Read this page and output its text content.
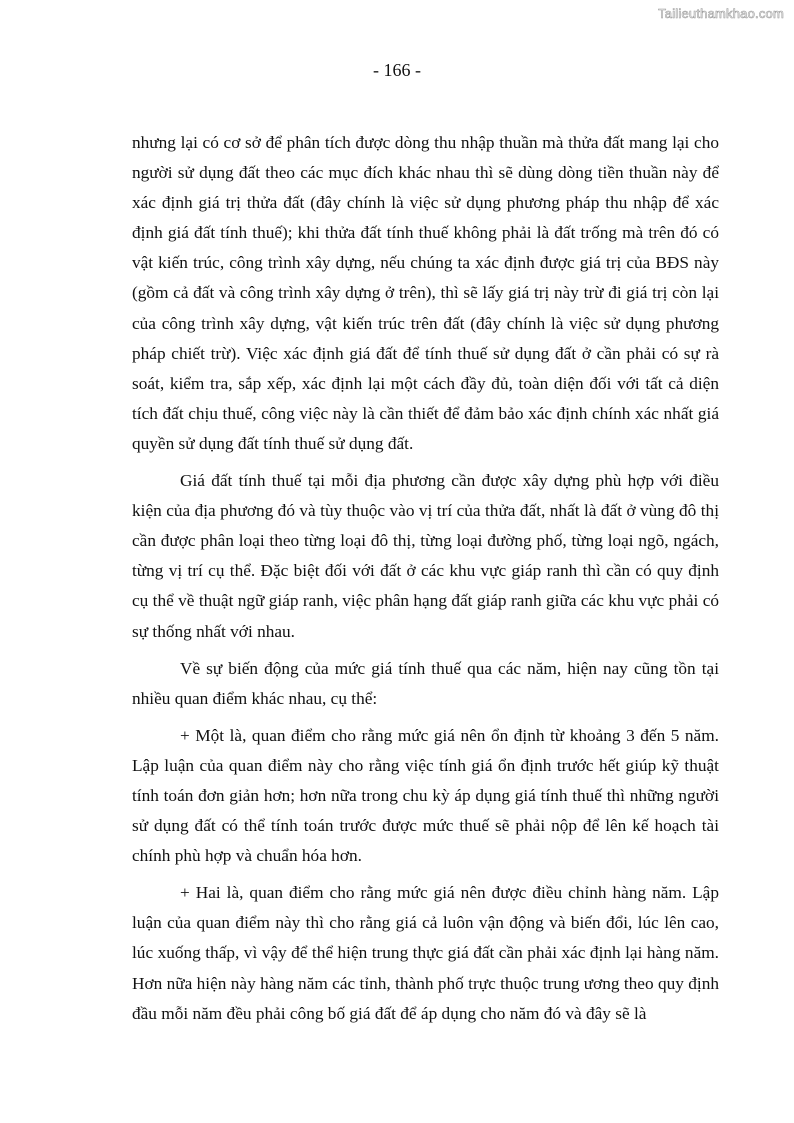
Tailieuthamkhao.com
- 166 -

nhưng lại có cơ sở để phân tích được dòng thu nhập thuần mà thửa đất mang lại cho người sử dụng đất theo các mục đích khác nhau thì sẽ dùng dòng tiền thuần này để xác định giá trị thửa đất (đây chính là việc sử dụng phương pháp thu nhập để xác định giá đất tính thuế); khi thửa đất tính thuế không phải là đất trống mà trên đó có vật kiến trúc, công trình xây dựng, nếu chúng ta xác định được giá trị của BĐS này (gồm cả đất và công trình xây dựng ở trên), thì sẽ lấy giá trị này trừ đi giá trị còn lại của công trình xây dựng, vật kiến trúc trên đất (đây chính là việc sử dụng phương pháp chiết trừ). Việc xác định giá đất để tính thuế sử dụng đất ở cần phải có sự rà soát, kiểm tra, sắp xếp, xác định lại một cách đầy đủ, toàn diện đối với tất cả diện tích đất chịu thuế, công việc này là cần thiết để đảm bảo xác định chính xác nhất giá quyền sử dụng đất tính thuế sử dụng đất.

Giá đất tính thuế tại mỗi địa phương cần được xây dựng phù hợp với điều kiện của địa phương đó và tùy thuộc vào vị trí của thửa đất, nhất là đất ở vùng đô thị cần được phân loại theo từng loại đô thị, từng loại đường phố, từng loại ngõ, ngách, từng vị trí cụ thể. Đặc biệt đối với đất ở các khu vực giáp ranh thì cần có quy định cụ thể về thuật ngữ giáp ranh, việc phân hạng đất giáp ranh giữa các khu vực phải có sự thống nhất với nhau.

Về sự biến động của mức giá tính thuế qua các năm, hiện nay cũng tồn tại nhiều quan điểm khác nhau, cụ thể:

+ Một là, quan điểm cho rằng mức giá nên ổn định từ khoảng 3 đến 5 năm. Lập luận của quan điểm này cho rằng việc tính giá ổn định trước hết giúp kỹ thuật tính toán đơn giản hơn; hơn nữa trong chu kỳ áp dụng giá tính thuế thì những người sử dụng đất có thể tính toán trước được mức thuế sẽ phải nộp để lên kế hoạch tài chính phù hợp và chuẩn hóa hơn.

+ Hai là, quan điểm cho rằng mức giá nên được điều chỉnh hàng năm. Lập luận của quan điểm này thì cho rằng giá cả luôn vận động và biến đổi, lúc lên cao, lúc xuống thấp, vì vậy để thể hiện trung thực giá đất cần phải xác định lại hàng năm. Hơn nữa hiện này hàng năm các tỉnh, thành phố trực thuộc trung ương theo quy định đầu mỗi năm đều phải công bố giá đất để áp dụng cho năm đó và đây sẽ là
